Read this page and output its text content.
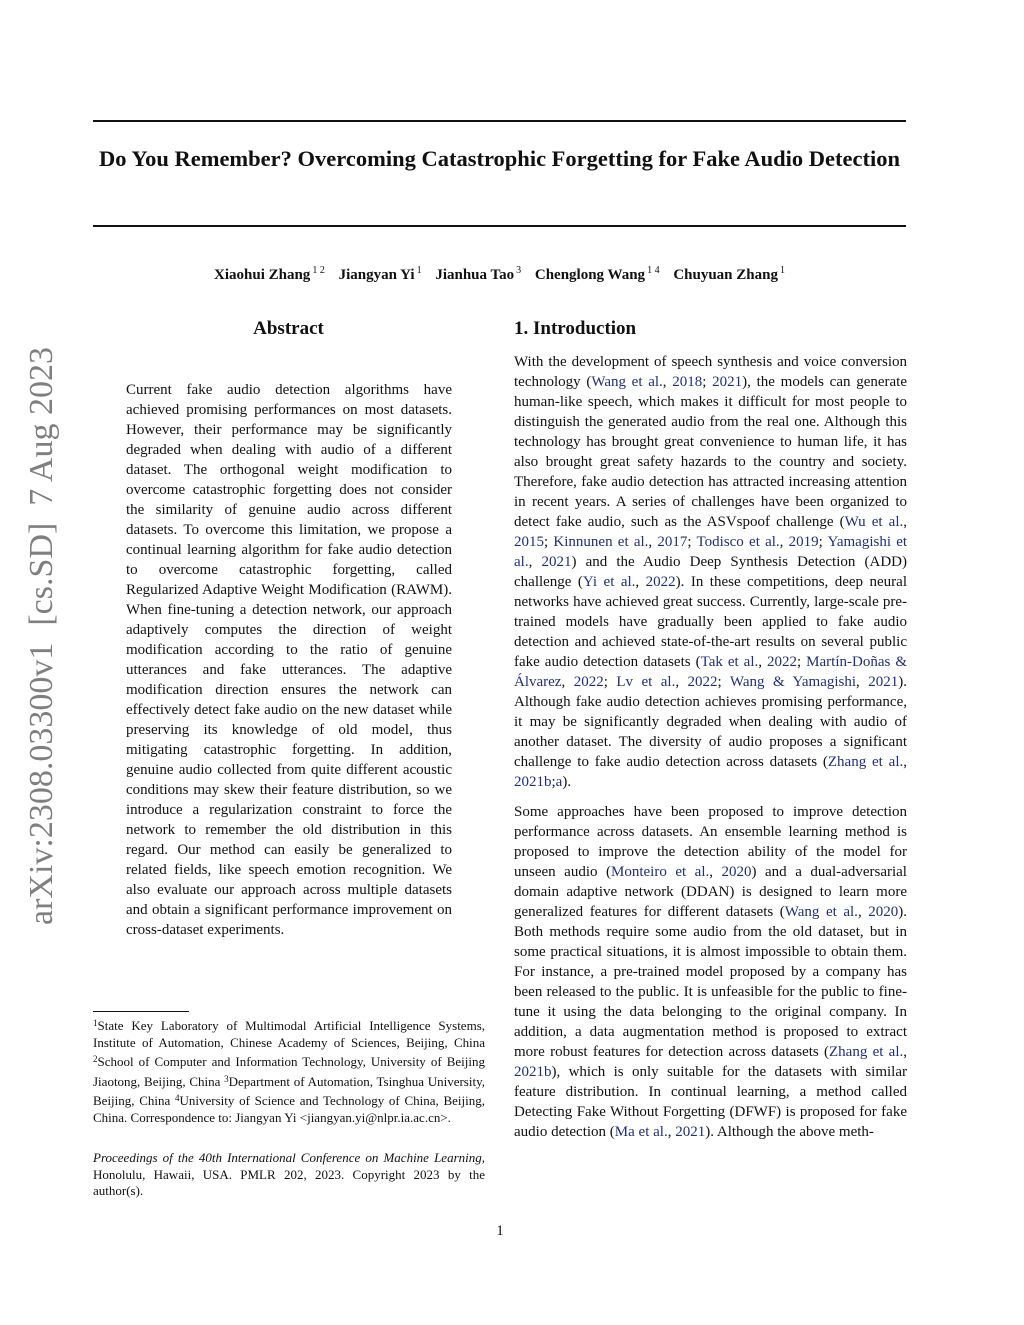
Do You Remember? Overcoming Catastrophic Forgetting for Fake Audio Detection
Xiaohui Zhang $^{1 2}$ Jiangyan Yi $^1$ Jianhua Tao $^3$ Chenglong Wang $^{1 4}$ Chuyuan Zhang $^1$
arXiv:2308.03300v1  [cs.SD]  7 Aug 2023
Abstract
Current fake audio detection algorithms have achieved promising performances on most datasets. However, their performance may be significantly degraded when dealing with audio of a different dataset. The orthogonal weight modification to overcome catastrophic forgetting does not consider the similarity of genuine audio across different datasets. To overcome this limitation, we propose a continual learning algorithm for fake audio detection to overcome catastrophic forgetting, called Regularized Adaptive Weight Modification (RAWM). When fine-tuning a detection network, our approach adaptively computes the direction of weight modification according to the ratio of genuine utterances and fake utterances. The adaptive modification direction ensures the network can effectively detect fake audio on the new dataset while preserving its knowledge of old model, thus mitigating catastrophic forgetting. In addition, genuine audio collected from quite different acoustic conditions may skew their feature distribution, so we introduce a regularization constraint to force the network to remember the old distribution in this regard. Our method can easily be generalized to related fields, like speech emotion recognition. We also evaluate our approach across multiple datasets and obtain a significant performance improvement on cross-dataset experiments.
1. Introduction

With the development of speech synthesis and voice conversion technology (Wang et al., 2018; 2021), the models can generate human-like speech, which makes it difficult for most people to distinguish the generated audio from the real one. Although this technology has brought great convenience to human life, it has also brought great safety hazards to the country and society. Therefore, fake audio detection has attracted increasing attention in recent years. A series of challenges have been organized to detect fake audio, such as the ASVspoof challenge (Wu et al., 2015; Kinnunen et al., 2017; Todisco et al., 2019; Yamagishi et al., 2021) and the Audio Deep Synthesis Detection (ADD) challenge (Yi et al., 2022). In these competitions, deep neural networks have achieved great success. Currently, large-scale pre-trained models have gradually been applied to fake audio detection and achieved state-of-the-art results on several public fake audio detection datasets (Tak et al., 2022; Martín-Doñas & Álvarez, 2022; Lv et al., 2022; Wang & Yamagishi, 2021). Although fake audio detection achieves promising performance, it may be significantly degraded when dealing with audio of another dataset. The diversity of audio proposes a significant challenge to fake audio detection across datasets (Zhang et al., 2021b;a).

Some approaches have been proposed to improve detection performance across datasets. An ensemble learning method is proposed to improve the detection ability of the model for unseen audio (Monteiro et al., 2020) and a dual-adversarial domain adaptive network (DDAN) is designed to learn more generalized features for different datasets (Wang et al., 2020). Both methods require some audio from the old dataset, but in some practical situations, it is almost impossible to obtain them. For instance, a pre-trained model proposed by a company has been released to the public. It is unfeasible for the public to fine-tune it using the data belonging to the original company. In addition, a data augmentation method is proposed to extract more robust features for detection across datasets (Zhang et al., 2021b), which is only suitable for the datasets with similar feature distribution. In continual learning, a method called Detecting Fake Without Forgetting (DFWF) is proposed for fake audio detection (Ma et al., 2021). Although the above meth-

$^1$State Key Laboratory of Multimodal Artificial Intelligence Systems, Institute of Automation, Chinese Academy of Sciences, Beijing, China $^2$School of Computer and Information Technology, University of Beijing Jiaotong, Beijing, China $^3$Department of Automation, Tsinghua University, Beijing, China $^4$University of Science and Technology of China, Beijing, China. Correspondence to: Jiangyan Yi <jiangyan.yi@nlpr.ia.ac.cn>.
Proceedings of the 40th International Conference on Machine Learning, Honolulu, Hawaii, USA. PMLR 202, 2023. Copyright 2023 by the author(s).
1
